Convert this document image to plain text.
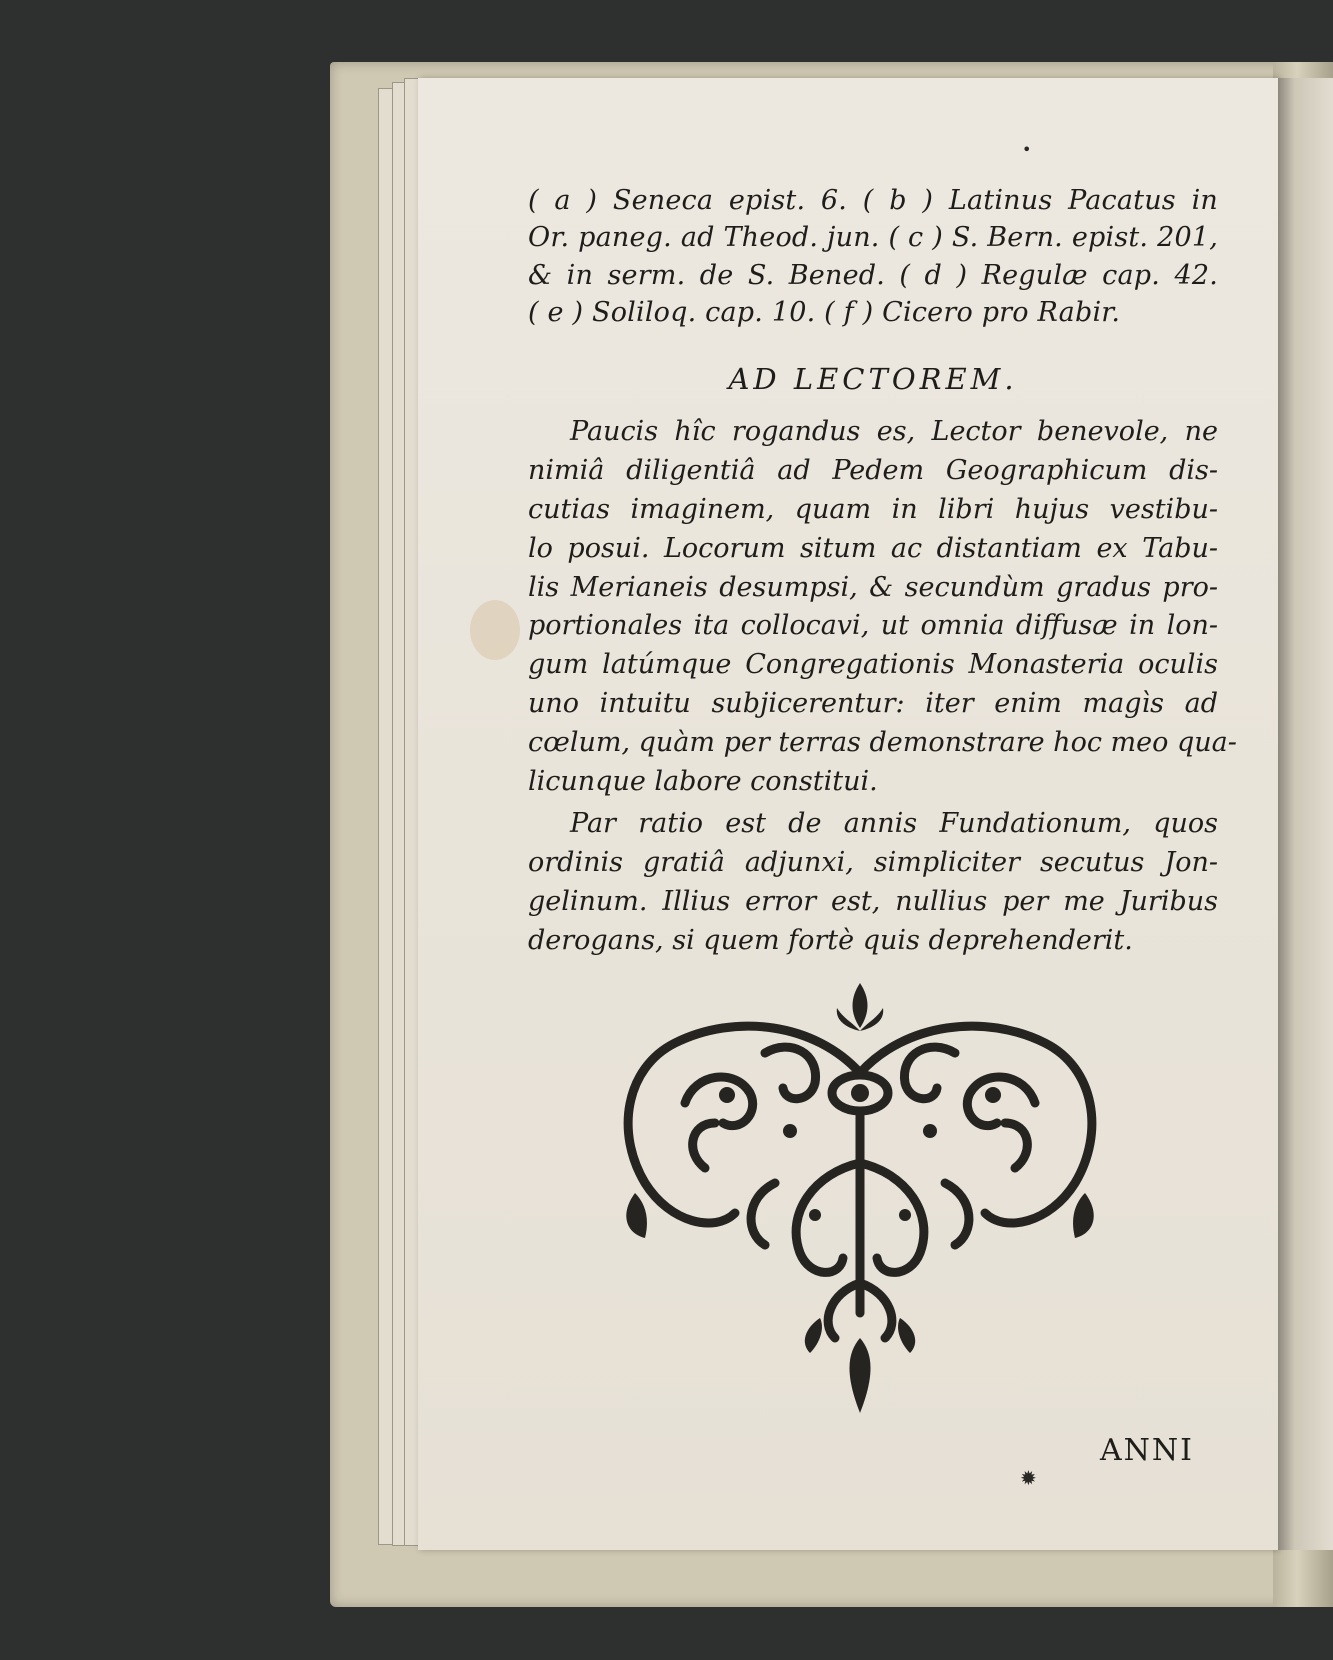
•
( a ) Seneca epist. 6. ( b ) Latinus Pacatus in
Or. paneg. ad Theod. jun. ( c ) S. Bern. epist. 201,
& in serm. de S. Bened. ( d ) Regulæ cap. 42.
( e ) Soliloq. cap. 10. ( f ) Cicero pro Rabir.
AD LECTOREM.
Paucis hîc rogandus es, Lector benevole, ne
nimiâ diligentiâ ad Pedem Geographicum dis-
cutias imaginem, quam in libri hujus vestibu-
lo posui. Locorum situm ac distantiam ex Tabu-
lis Merianeis desumpsi, & secundùm gradus pro-
portionales ita collocavi, ut omnia diffusæ in lon-
gum latúmque Congregationis Monasteria oculis
uno intuitu subjicerentur: iter enim magìs ad
cœlum, quàm per terras demonstrare hoc meo qua-
licunque labore constitui.
Par ratio est de annis Fundationum, quos
ordinis gratiâ adjunxi, simpliciter secutus Jon-
gelinum. Illius error est, nullius per me Juribus
derogans, si quem fortè quis deprehenderit.
ANNI
✹
